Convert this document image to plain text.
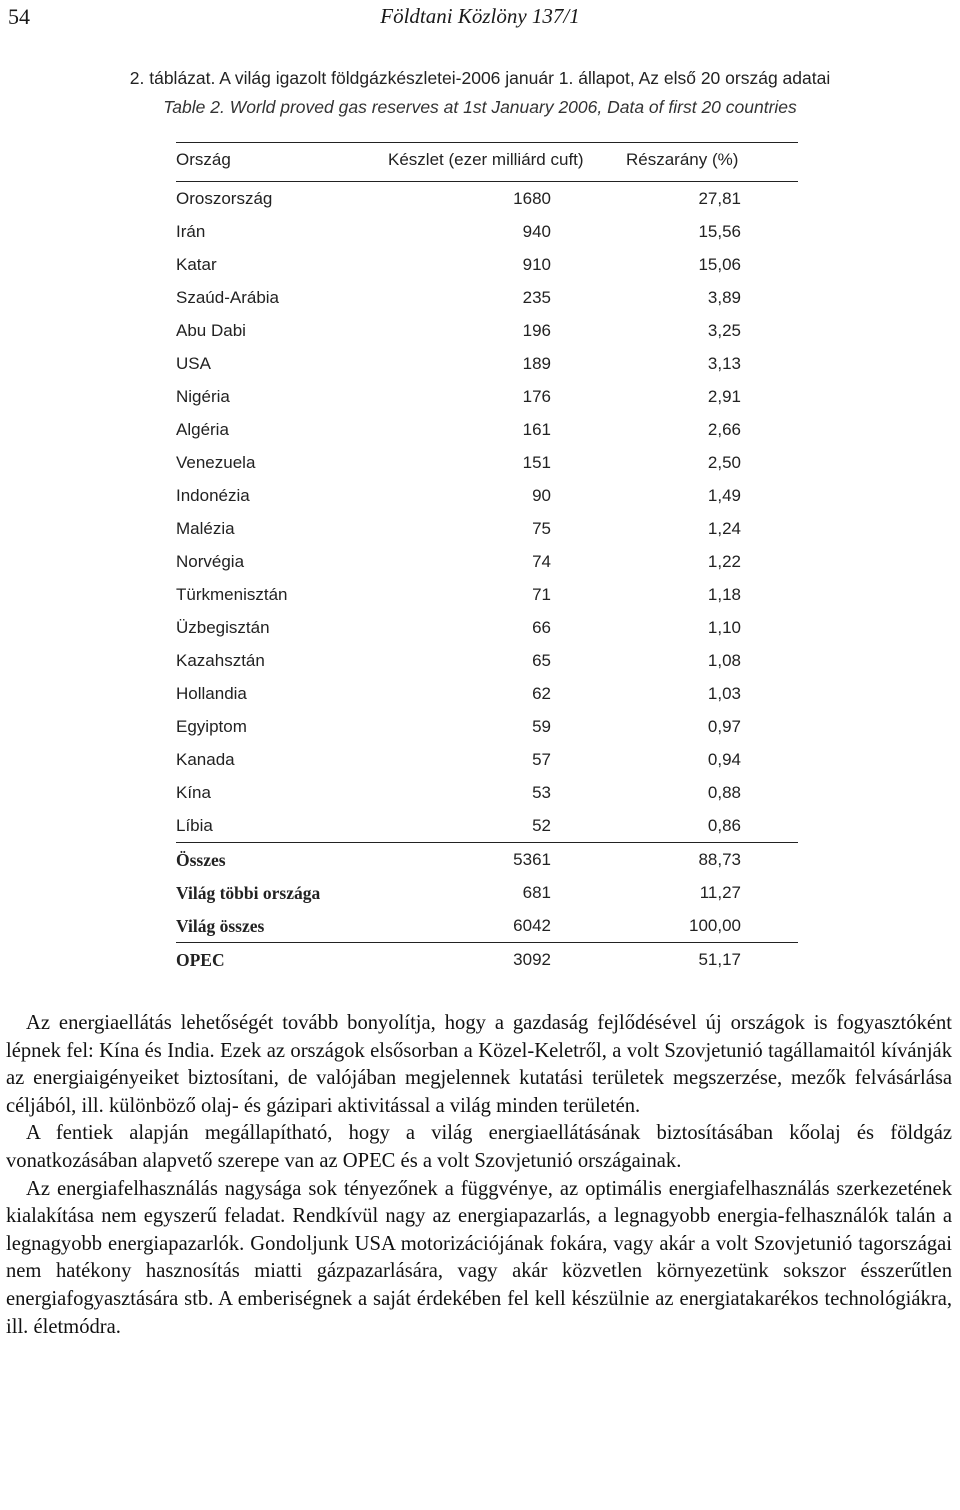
54	Földtani Közlöny 137/1
2. táblázat. A világ igazolt földgázkészletei-2006 január 1. állapot, Az első 20 ország adatai
Table 2. World proved gas reserves at 1st January 2006, Data of first 20 countries
Ország	Készlet (ezer milliárd cuft) Részarány (%)
Oroszország	1680	27,81
Irán	940	15,56
Katar	910	15,06
Szaúd-Arábia	235	3,89
Abu Dabi	196	3,25
USA	189	3,13
Nigéria	176	2,91
Algéria	161	2,66
Venezuela	151	2,50
Indonézia	90	1,49
Malézia	75	1,24
Norvégia	74	1,22
Türkmenisztán	71	1,18
Üzbegisztán	66	1,10
Kazahsztán	65	1,08
Hollandia	62	1,03
Egyiptom	59	0,97
Kanada	57	0,94
Kína	53	0,88
Líbia	52	0,86
Összes	5361	88,73
Világ többi országa	681	11,27
Világ összes	6042	100,00
OPEC	3092	51,17

Az energiaellátás lehetőségét tovább bonyolítja, hogy a gazdaság fejlődésével új országok is fogyasztóként lépnek fel: Kína és India. Ezek az országok elsősorban a Közel-Keletről, a volt Szovjetunió tagállamaitól kívánják az energiaigényeiket biztosítani, de valójában megjelennek kutatási területek megszerzése, mezők felvásárlása céljából, ill. különböző olaj- és gázipari aktivitással a világ minden területén.

A fentiek alapján megállapítható, hogy a világ energiaellátásának biztosításában kőolaj és földgáz vonatkozásában alapvető szerepe van az OPEC és a volt Szovjetunió országainak.

Az energiafelhasználás nagysága sok tényezőnek a függvénye, az optimális energiafelhasználás szerkezetének kialakítása nem egyszerű feladat. Rendkívül nagy az energiapazarlás, a legnagyobb energia-felhasználók talán a legnagyobb energiapazarlók. Gondoljunk USA motorizációjának fokára, vagy akár a volt Szovjetunió tagországai nem hatékony hasznosítás miatti gázpazarlására, vagy akár közvetlen környezetünk sokszor ésszerűtlen energiafogyasztására stb. A emberiségnek a saját érdekében fel kell készülnie az energiatakarékos technológiákra, ill. életmódra.
